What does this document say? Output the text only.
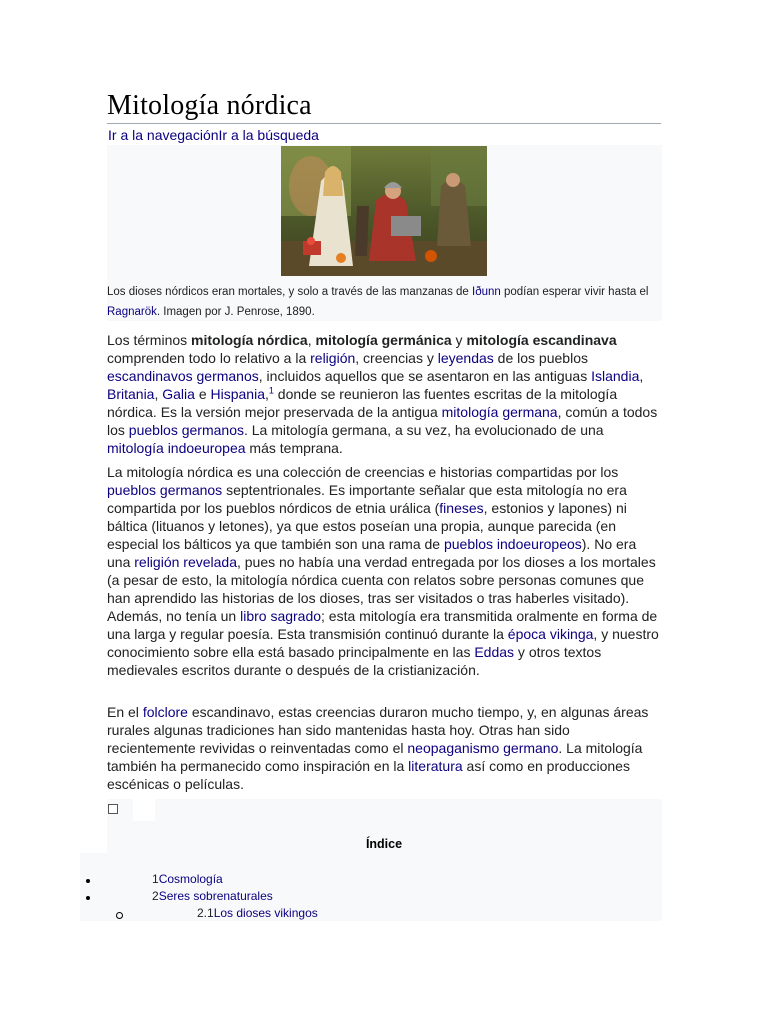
Mitología nórdica
Ir a la navegaciónIr a la búsqueda
Los dioses nórdicos eran mortales, y solo a través de las manzanas de Iðunn podían esperar vivir hasta el Ragnarök. Imagen por J. Penrose, 1890.

Los términos mitología nórdica, mitología germánica y mitología escandinava comprenden todo lo relativo a la religión, creencias y leyendas de los pueblos escandinavos germanos, incluidos aquellos que se asentaron en las antiguas Islandia, Britania, Galia e Hispania,$^1$ donde se reunieron las fuentes escritas de la mitología nórdica. Es la versión mejor preservada de la antigua mitología germana, común a todos los pueblos germanos. La mitología germana, a su vez, ha evolucionado de una mitología indoeuropea más temprana.

La mitología nórdica es una colección de creencias e historias compartidas por los pueblos germanos septentrionales. Es importante señalar que esta mitología no era compartida por los pueblos nórdicos de etnia urálica (fineses, estonios y lapones) ni báltica (lituanos y letones), ya que estos poseían una propia, aunque parecida (en especial los bálticos ya que también son una rama de pueblos indoeuropeos). No era una religión revelada, pues no había una verdad entregada por los dioses a los mortales (a pesar de esto, la mitología nórdica cuenta con relatos sobre personas comunes que han aprendido las historias de los dioses, tras ser visitados o tras haberles visitado). Además, no tenía un libro sagrado; esta mitología era transmitida oralmente en forma de una larga y regular poesía. Esta transmisión continuó durante la época vikinga, y nuestro conocimiento sobre ella está basado principalmente en las Eddas y otros textos medievales escritos durante o después de la cristianización.

En el folclore escandinavo, estas creencias duraron mucho tiempo, y, en algunas áreas rurales algunas tradiciones han sido mantenidas hasta hoy. Otras han sido recientemente revividas o reinventadas como el neopaganismo germano. La mitología también ha permanecido como inspiración en la literatura así como en producciones escénicas o películas.

Índice
1Cosmología
2Seres sobrenaturales
2.1Los dioses vikingos
